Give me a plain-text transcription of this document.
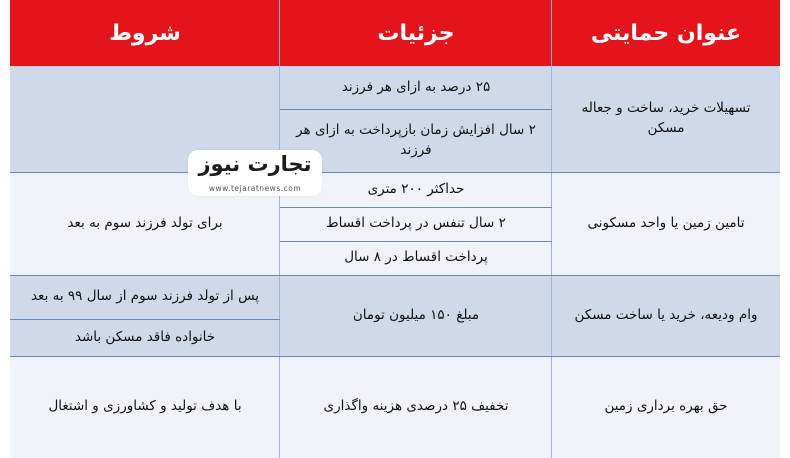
عنوان حمایتی
جزئیات
شروط
تسهیلات خرید، ساخت و جعاله مسکن
۲۵ درصد به ازای هر فرزند
۲ سال افزایش زمان بازپرداخت به ازای هر فرزند
تامین زمین یا واحد مسکونی
حداکثر ۲۰۰ متری
۲ سال تنفس در پرداخت اقساط
پرداخت اقساط در ۸ سال
برای تولد فرزند سوم به بعد
وام ودیعه، خرید یا ساخت مسکن
مبلغ ۱۵۰ میلیون تومان
پس از تولد فرزند سوم از سال ۹۹ به بعد
خانواده فاقد مسکن باشد
حق بهره برداری زمین
تخفیف ۲۵ درصدی هزینه واگذاری
با هدف تولید و کشاورزی و اشتغال
تجارت نیوز
www.tejaratnews.com
